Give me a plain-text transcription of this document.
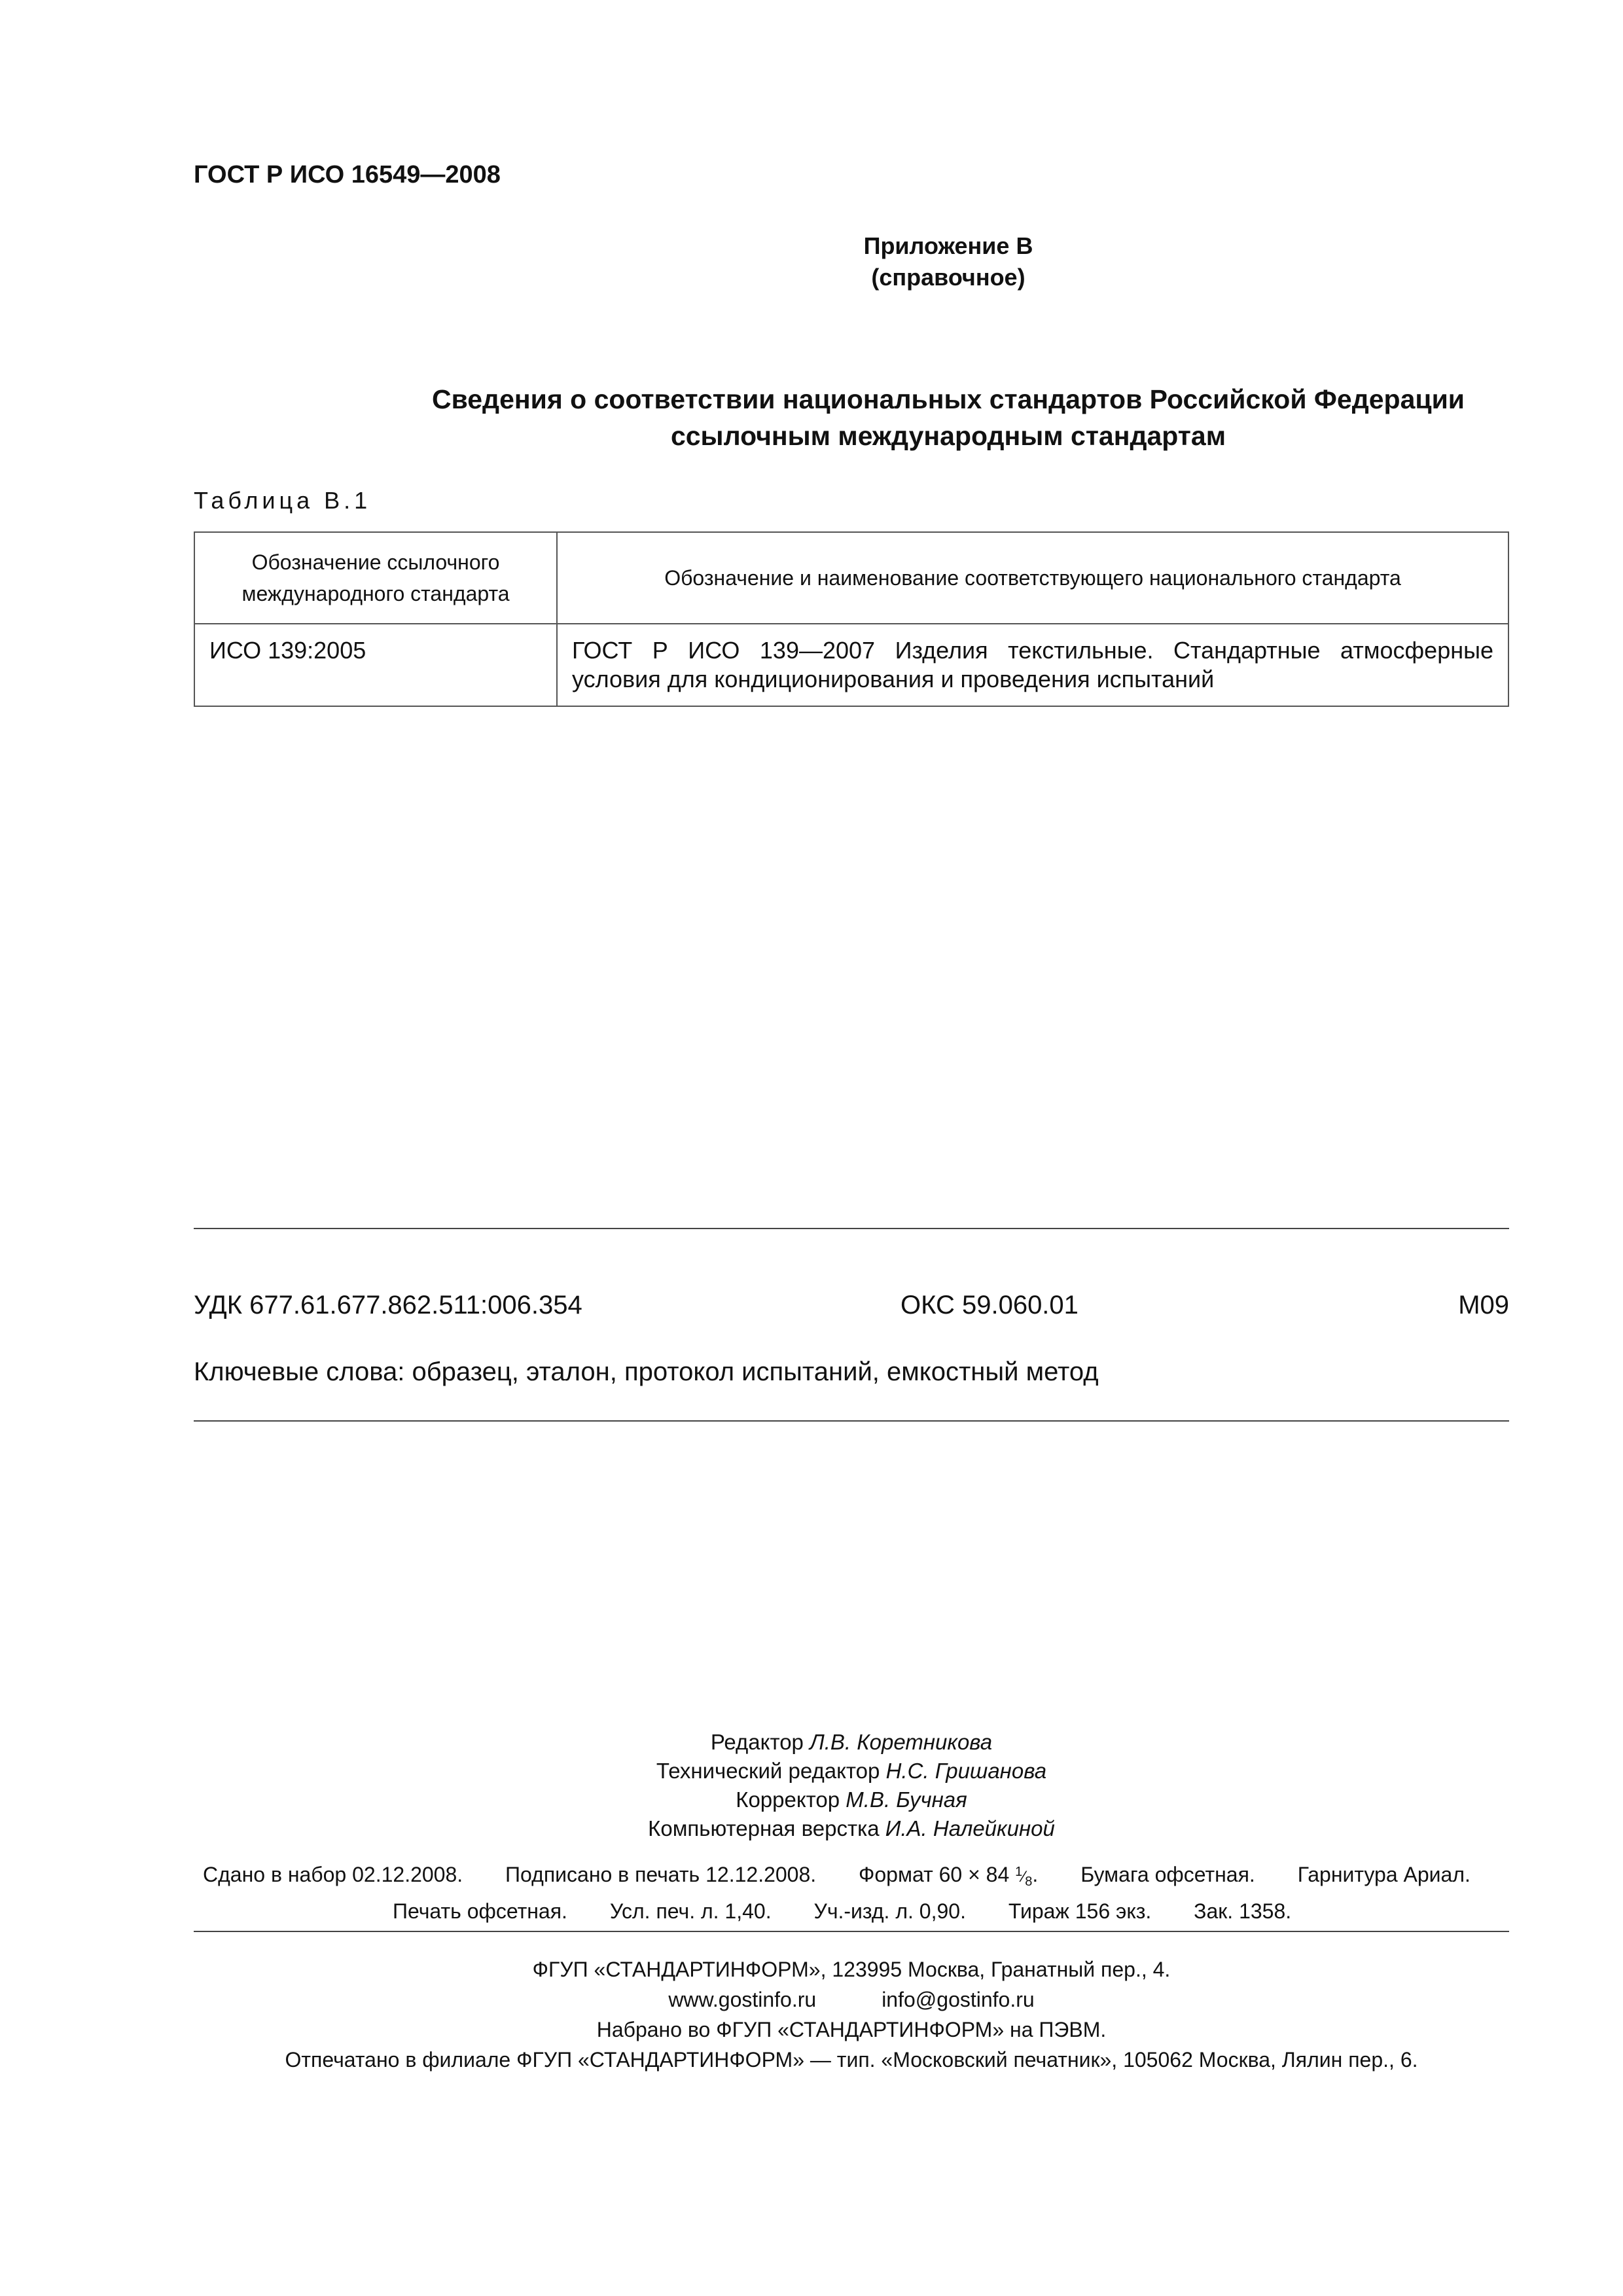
ГОСТ Р ИСО 16549—2008
Приложение В
(справочное)
Сведения о соответствии национальных стандартов Российской Федерации
ссылочным международным стандартам
Таблица В.1
Обозначение ссылочного международного стандарта	Обозначение и наименование соответствующего национального стандарта
ИСО 139:2005	ГОСТ Р ИСО 139—2007 Изделия текстильные. Стандартные атмосферные условия для кондиционирования и проведения испытаний
УДК 677.61.677.862.511:006.354	ОКС 59.060.01	М09
Ключевые слова: образец, эталон, протокол испытаний, емкостный метод
Редактор Л.В. Коретникова
Технический редактор Н.С. Гришанова
Корректор М.В. Бучная
Компьютерная верстка И.А. Налейкиной
Сдано в набор 02.12.2008. Подписано в печать 12.12.2008. Формат 60 × 84 $^1⁄_8$. Бумага офсетная. Гарнитура Ариал.
Печать офсетная. Усл. печ. л. 1,40. Уч.-изд. л. 0,90. Тираж 156 экз. Зак. 1358.
ФГУП «СТАНДАРТИНФОРМ», 123995 Москва, Гранатный пер., 4.
www.gostinfo.ru	info@gostinfo.ru
Набрано во ФГУП «СТАНДАРТИНФОРМ» на ПЭВМ.
Отпечатано в филиале ФГУП «СТАНДАРТИНФОРМ» — тип. «Московский печатник», 105062 Москва, Лялин пер., 6.
